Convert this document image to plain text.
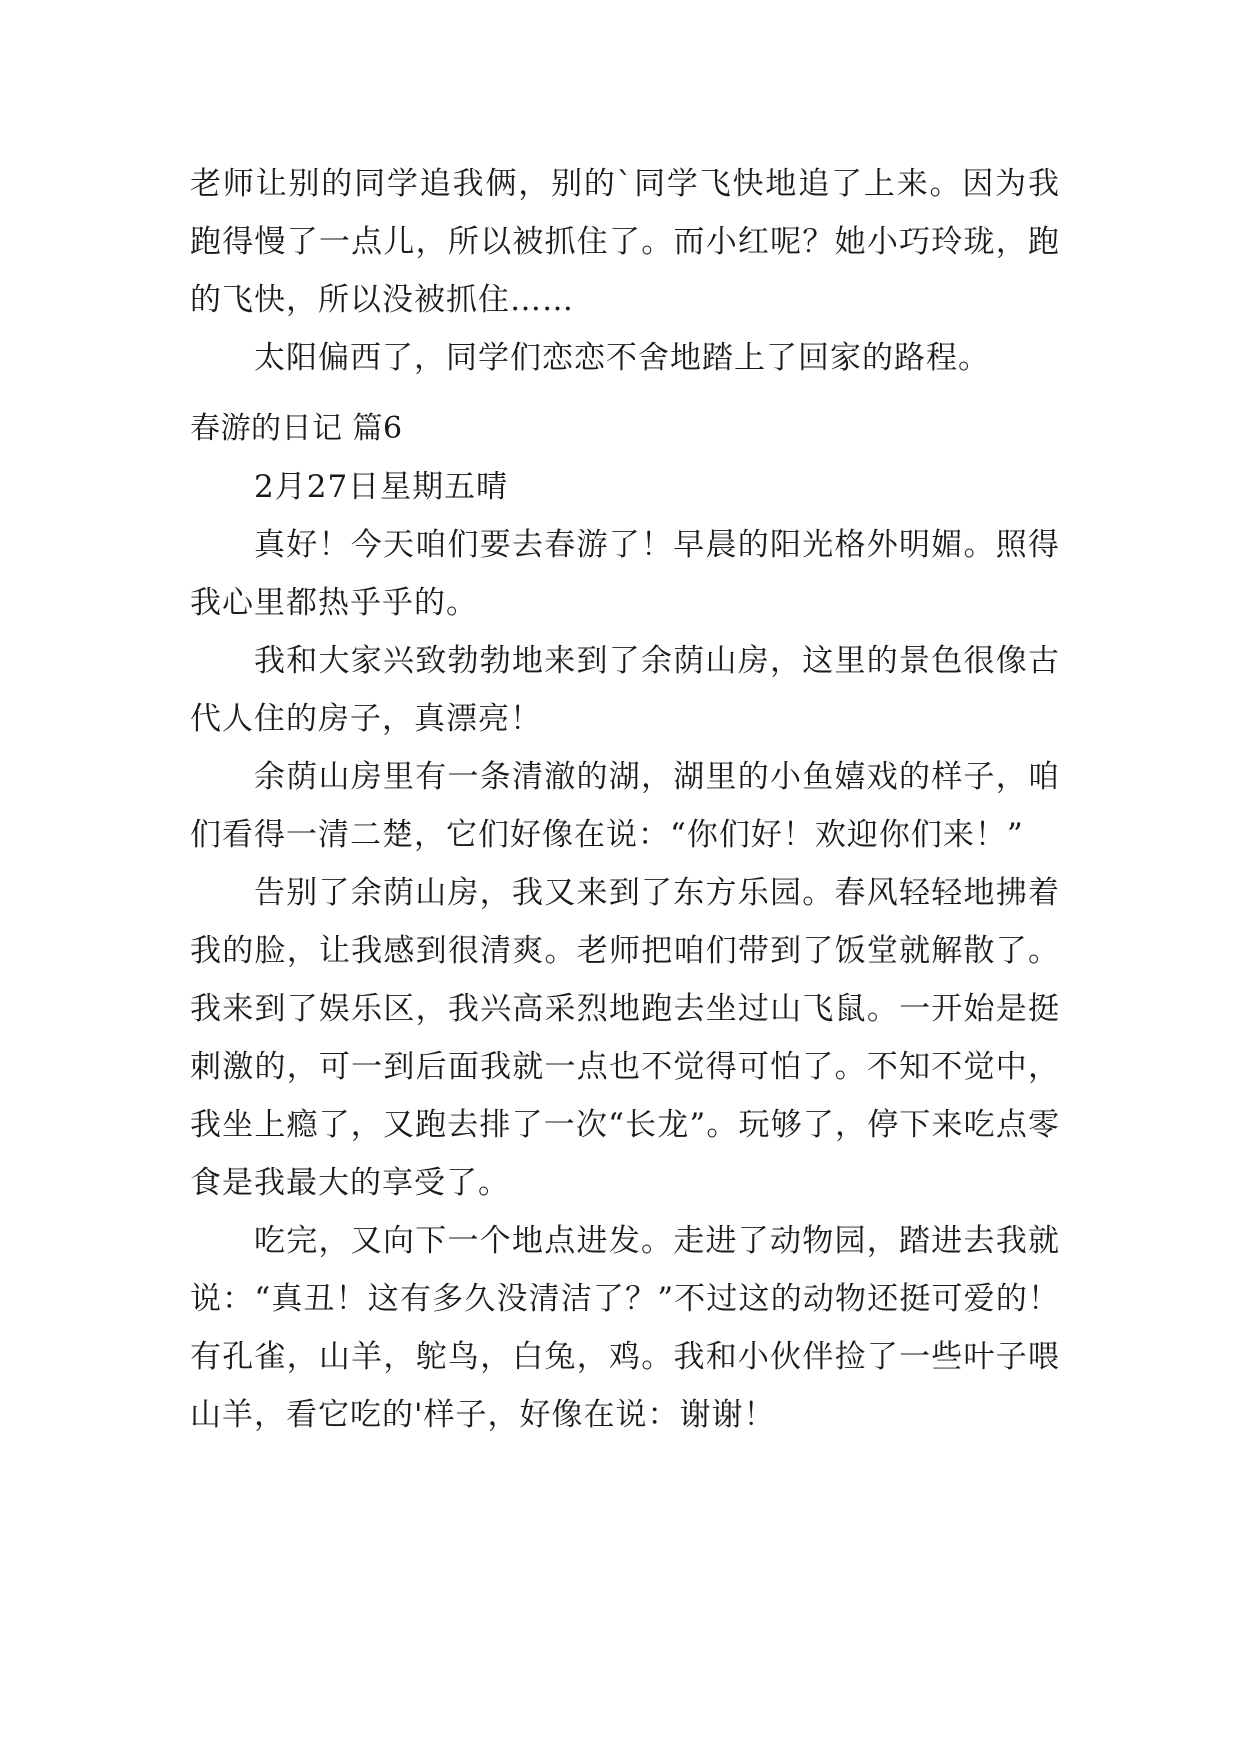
老师让别的同学追我俩，别的`同学飞快地追了上来。因为我跑得慢了一点儿，所以被抓住了。而小红呢？她小巧玲珑，跑的飞快，所以没被抓住……

太阳偏西了，同学们恋恋不舍地踏上了回家的路程。

春游的日记 篇6

2月27日星期五晴

真好！今天咱们要去春游了！早晨的阳光格外明媚。照得我心里都热乎乎的。

我和大家兴致勃勃地来到了余荫山房，这里的景色很像古代人住的房子，真漂亮！

余荫山房里有一条清澈的湖，湖里的小鱼嬉戏的样子，咱们看得一清二楚，它们好像在说：“你们好！欢迎你们来！”

告别了余荫山房，我又来到了东方乐园。春风轻轻地拂着我的脸，让我感到很清爽。老师把咱们带到了饭堂就解散了。我来到了娱乐区，我兴高采烈地跑去坐过山飞鼠。一开始是挺刺激的，可一到后面我就一点也不觉得可怕了。不知不觉中，我坐上瘾了，又跑去排了一次“长龙”。玩够了，停下来吃点零食是我最大的享受了。

吃完，又向下一个地点进发。走进了动物园，踏进去我就说：“真丑！这有多久没清洁了？”不过这的动物还挺可爱的！有孔雀，山羊，鸵鸟，白兔，鸡。我和小伙伴捡了一些叶子喂山羊，看它吃的'样子，好像在说：谢谢！
